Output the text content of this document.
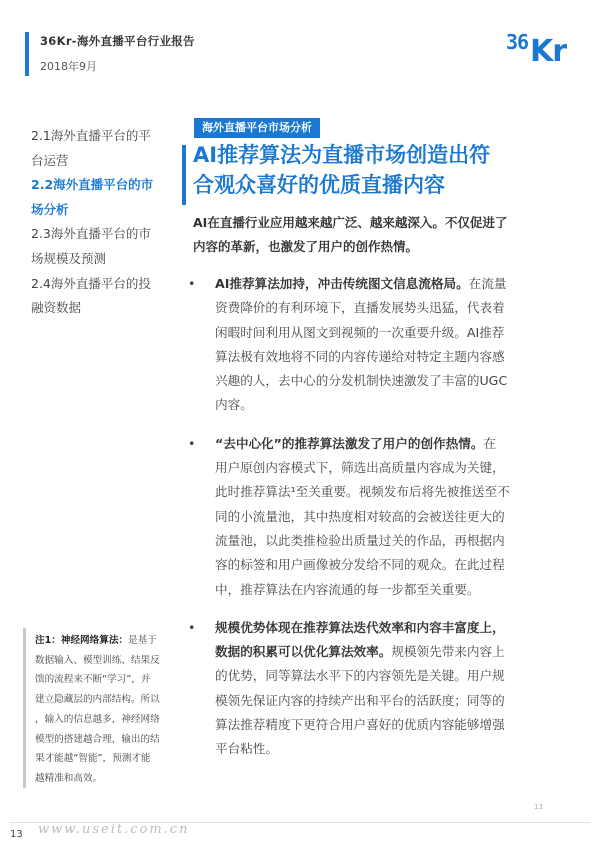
36Kr-海外直播平台行业报告
2018年9月
36 Kr
2.1海外直播平台的平
台运营
2.2海外直播平台的市
场分析
2.3海外直播平台的市
场规模及预测
2.4海外直播平台的投
融资数据
海外直播平台市场分析
AI推荐算法为直播市场创造出符
合观众喜好的优质直播内容
AI在直播行业应用越来越广泛、越来越深入。不仅促进了
内容的革新，也激发了用户的创作热情。
• AI推荐算法加持，冲击传统图文信息流格局。在流量
资费降价的有利环境下，直播发展势头迅猛，代表着
闲暇时间利用从图文到视频的一次重要升级。AI推荐
算法极有效地将不同的内容传递给对特定主题内容感
兴趣的人，去中心的分发机制快速激发了丰富的UGC
内容。
• “去中心化”的推荐算法激发了用户的创作热情。在
用户原创内容模式下，筛选出高质量内容成为关键，
此时推荐算法¹至关重要。视频发布后将先被推送至不
同的小流量池，其中热度相对较高的会被送往更大的
流量池，以此类推检验出质量过关的作品，再根据内
容的标签和用户画像被分发给不同的观众。在此过程
中，推荐算法在内容流通的每一步都至关重要。
• 规模优势体现在推荐算法迭代效率和内容丰富度上，
数据的积累可以优化算法效率。规模领先带来内容上
的优势，同等算法水平下的内容领先是关键。用户规
模领先保证内容的持续产出和平台的活跃度；同等的
算法推荐精度下更符合用户喜好的优质内容能够增强
平台粘性。
注1：神经网络算法：是基于
数据输入、模型训练、结果反
馈的流程来不断“学习”，并
建立隐藏层的内部结构。所以
，输入的信息越多，神经网络
模型的搭建越合理，输出的结
果才能越“智能”，预测才能
越精准和高效。
13
13 www.useit.com.cn
